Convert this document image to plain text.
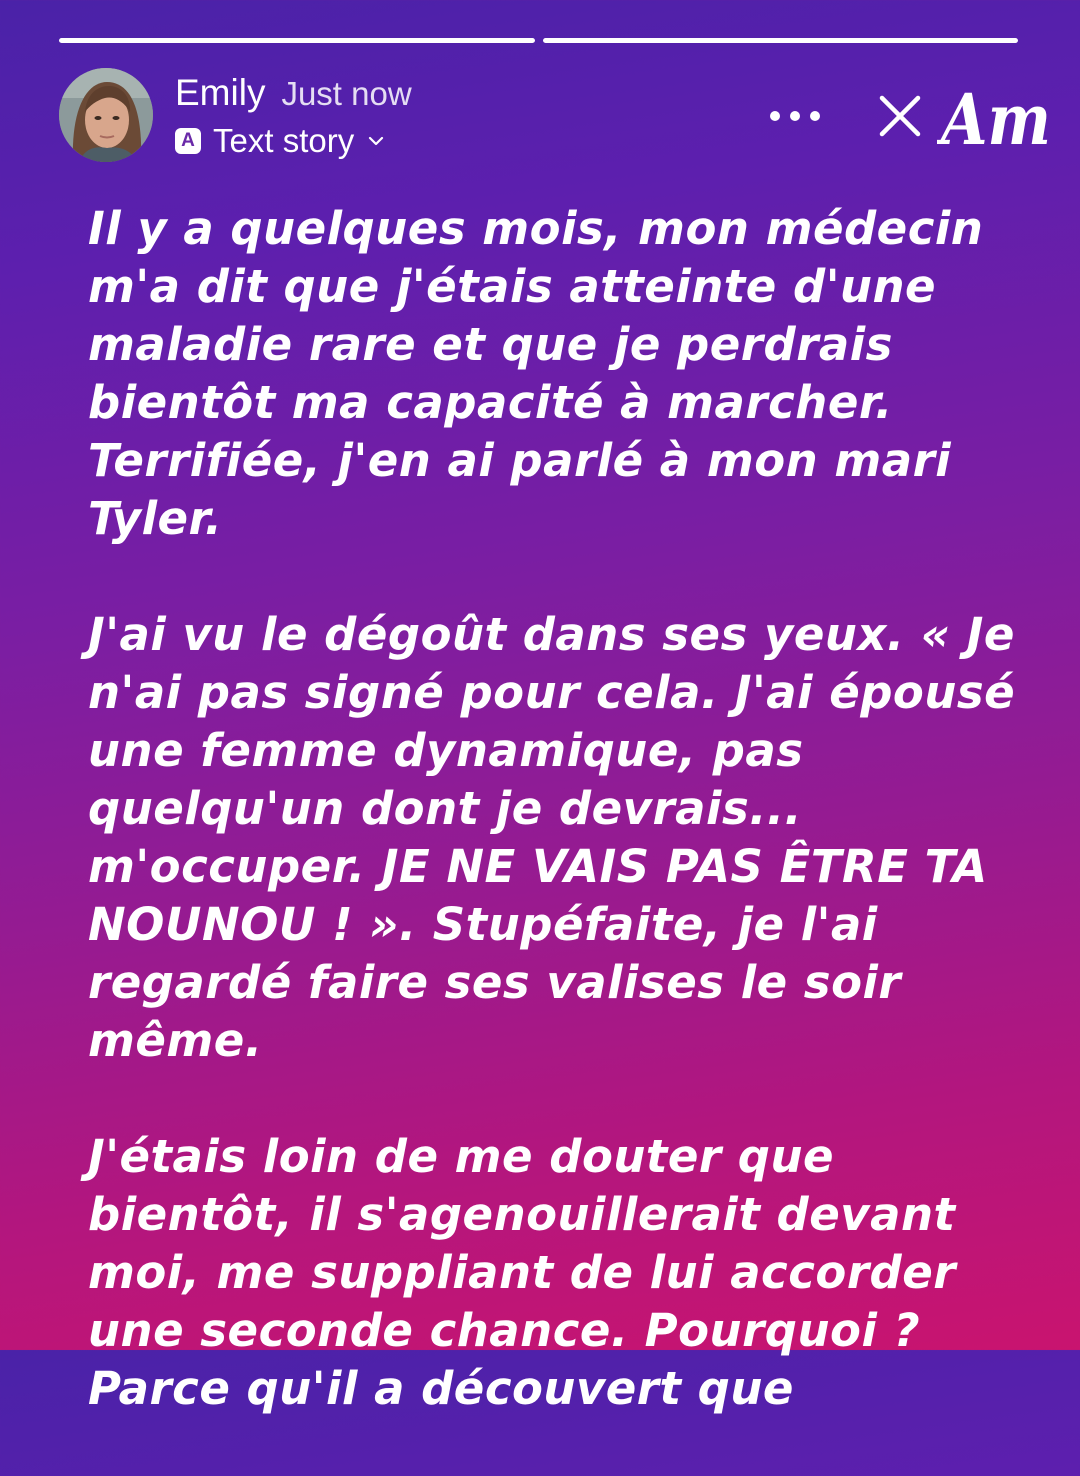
Emily Just now
A Text story	Am

Il y a quelques mois, mon médecin m'a dit que j'étais atteinte d'une maladie rare et que je perdrais bientôt ma capacité à marcher. Terrifiée, j'en ai parlé à mon mari Tyler.

J'ai vu le dégoût dans ses yeux. « Je n'ai pas signé pour cela. J'ai épousé une femme dynamique, pas quelqu'un dont je devrais... m'occuper. JE NE VAIS PAS ÊTRE TA NOUNOU ! ». Stupéfaite, je l'ai regardé faire ses valises le soir même.

J'étais loin de me douter que bientôt, il s'agenouillerait devant moi, me suppliant de lui accorder une seconde chance. Pourquoi ? Parce qu'il a découvert que
